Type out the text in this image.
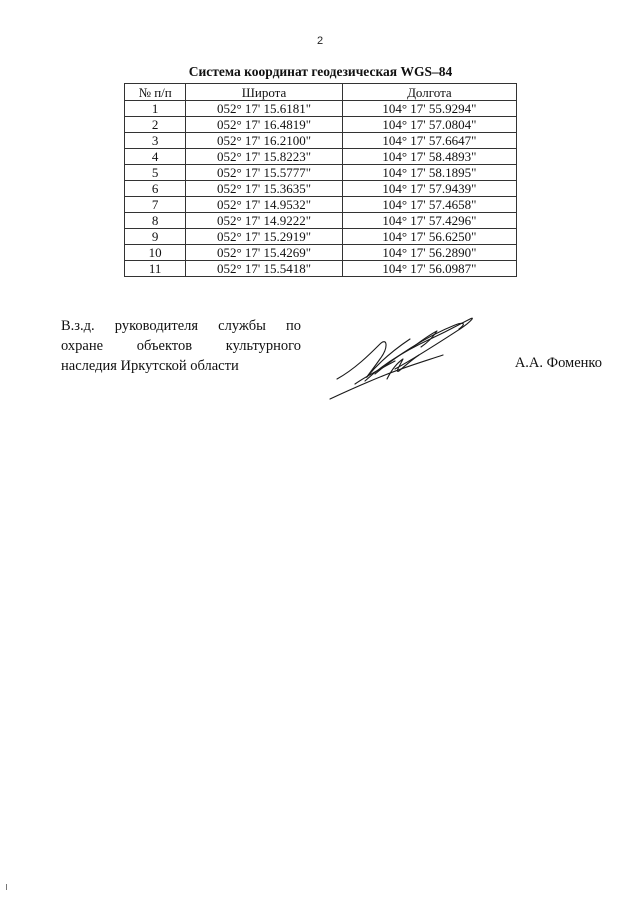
2
Система координат геодезическая WGS–84
№ п/п	Широта	Долгота
1	052° 17' 15.6181"	104° 17' 55.9294"
2	052° 17' 16.4819"	104° 17' 57.0804"
3	052° 17' 16.2100"	104° 17' 57.6647"
4	052° 17' 15.8223"	104° 17' 58.4893"
5	052° 17' 15.5777"	104° 17' 58.1895"
6	052° 17' 15.3635"	104° 17' 57.9439"
7	052° 17' 14.9532"	104° 17' 57.4658"
8	052° 17' 14.9222"	104° 17' 57.4296"
9	052° 17' 15.2919"	104° 17' 56.6250"
10	052° 17' 15.4269"	104° 17' 56.2890"
11	052° 17' 15.5418"	104° 17' 56.0987"
В.з.д. руководителя службы по
охране объектов культурного
наследия Иркутской области	А.А. Фоменко
